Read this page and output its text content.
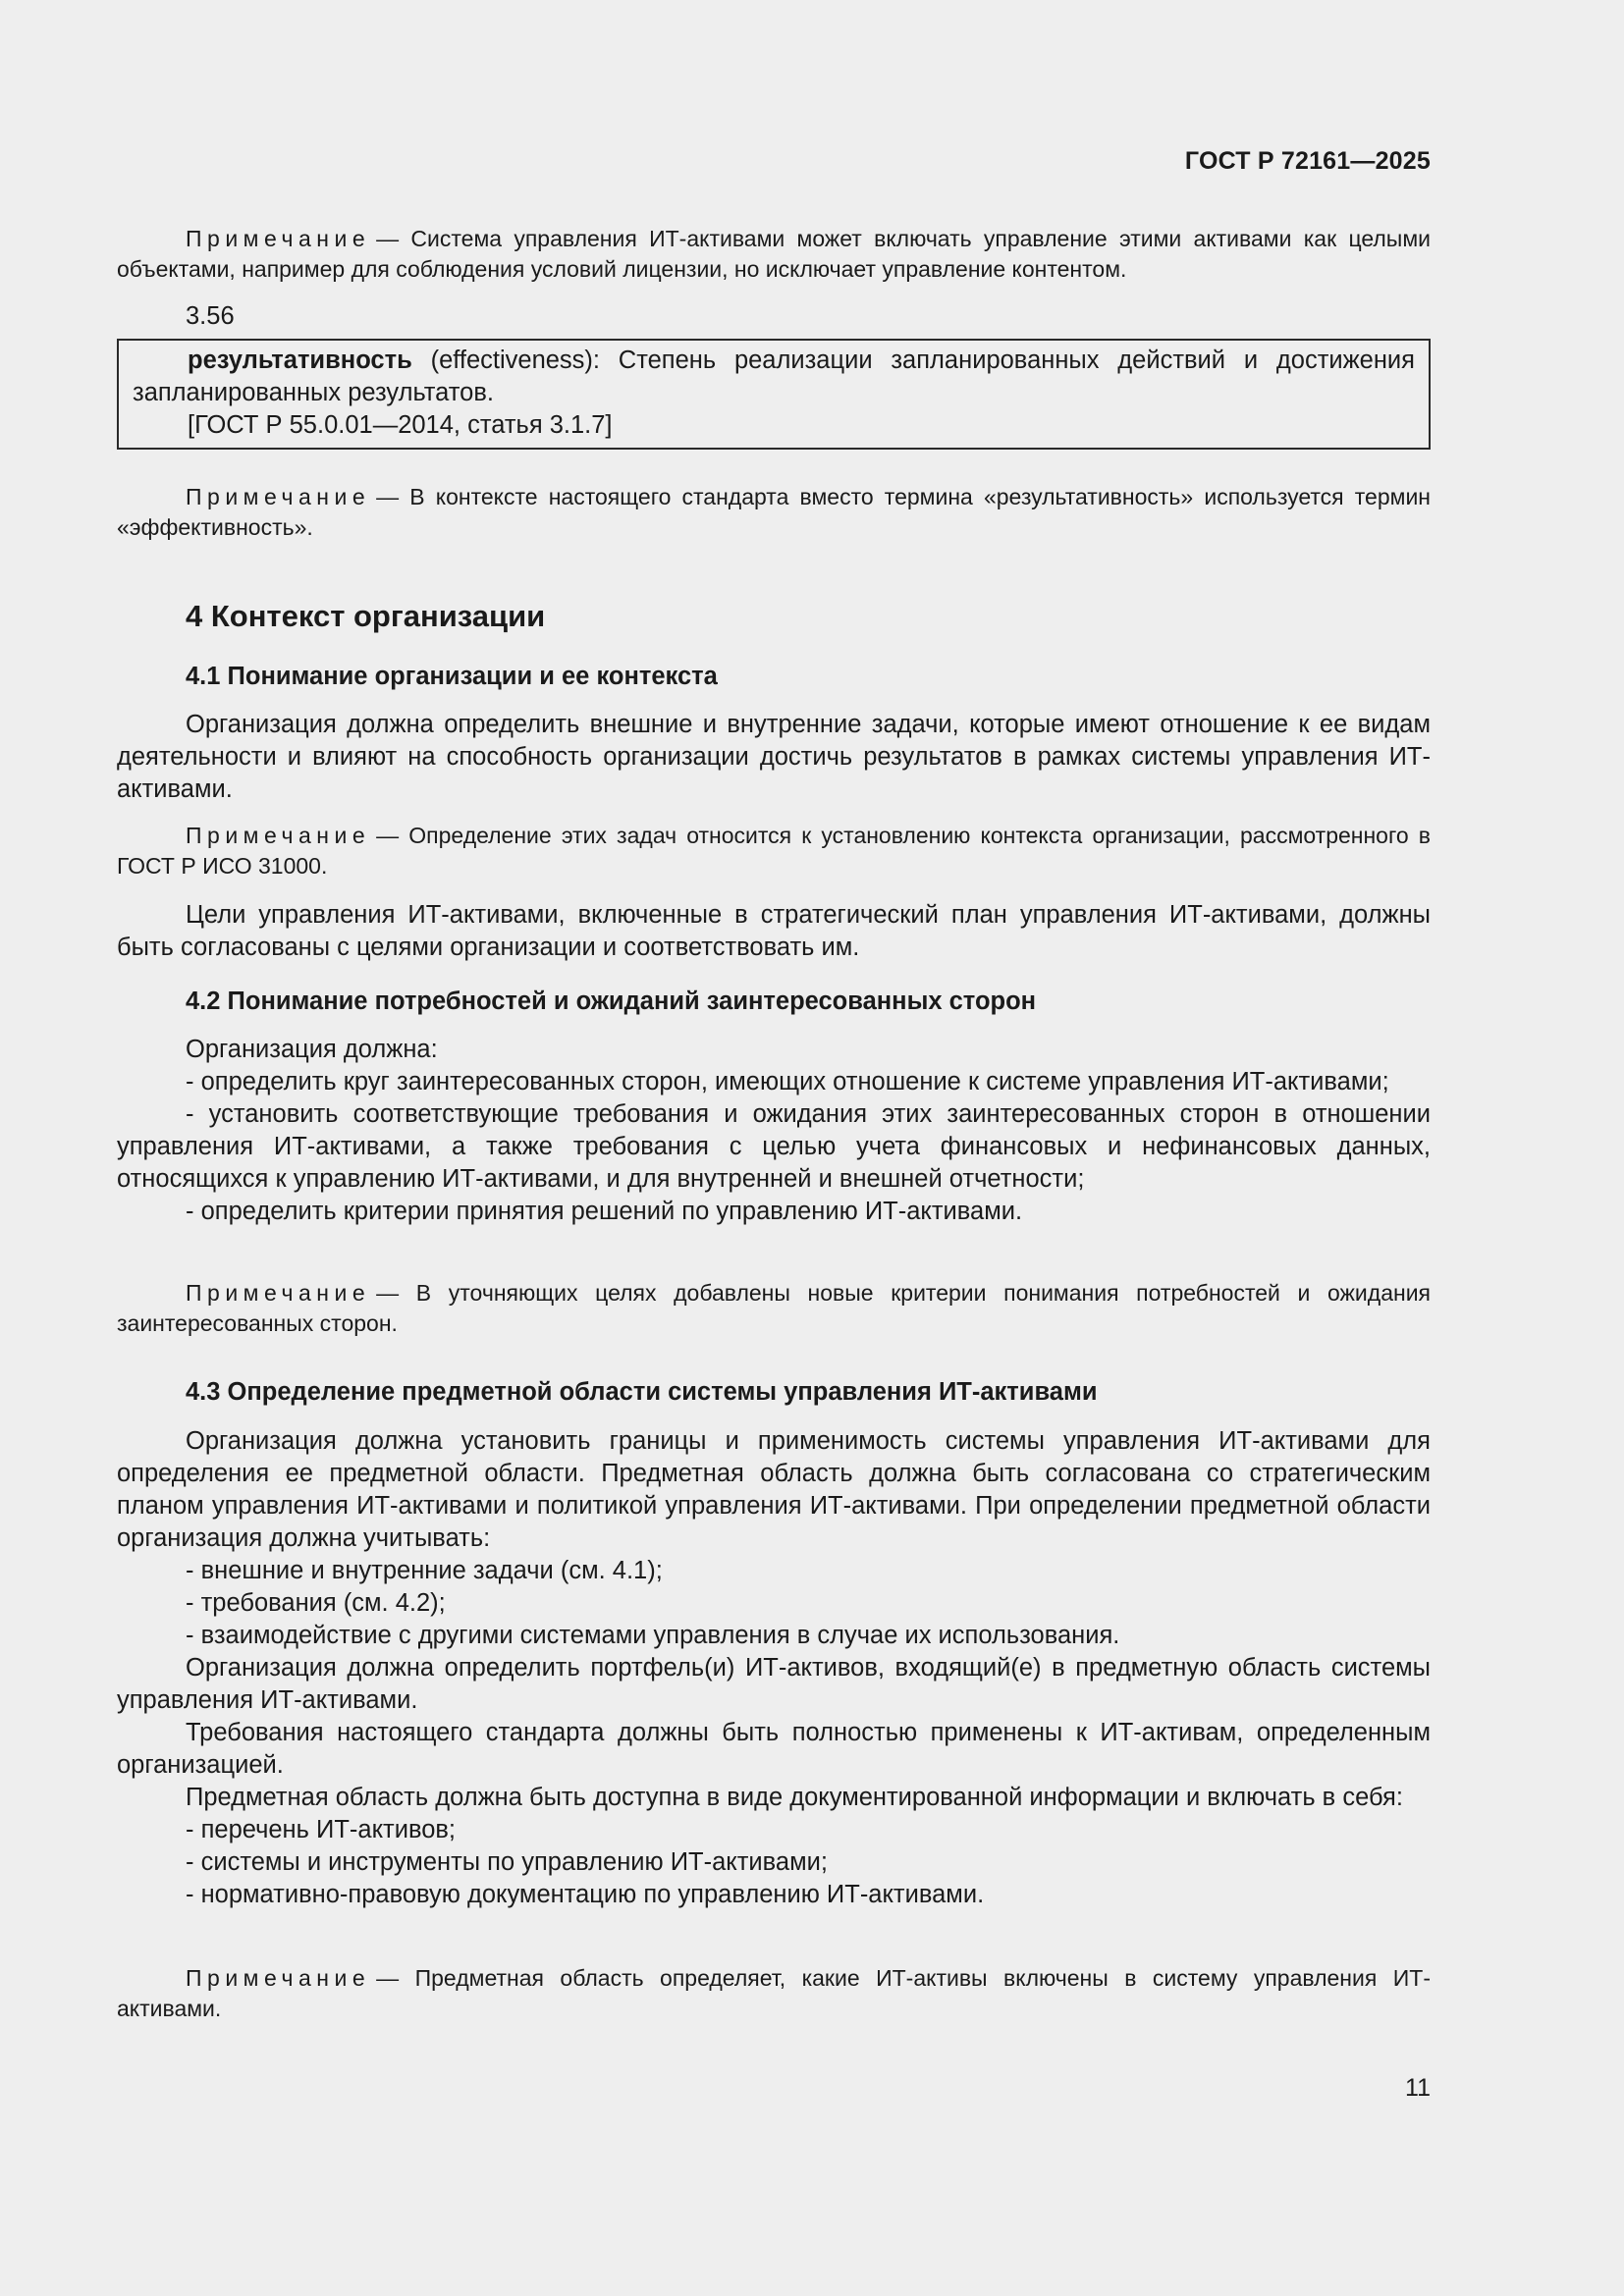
ГОСТ Р 72161—2025

Примечание — Система управления ИТ-активами может включать управление этими активами как целыми объектами, например для соблюдения условий лицензии, но исключает управление контентом.

3.56

результативность (effectiveness): Степень реализации запланированных действий и достижения запланированных результатов.

[ГОСТ Р 55.0.01—2014, статья 3.1.7]

Примечание — В контексте настоящего стандарта вместо термина «результативность» используется термин «эффективность».

4 Контекст организации

4.1 Понимание организации и ее контекста

Организация должна определить внешние и внутренние задачи, которые имеют отношение к ее видам деятельности и влияют на способность организации достичь результатов в рамках системы управления ИТ-активами.

Примечание — Определение этих задач относится к установлению контекста организации, рассмотренного в ГОСТ Р ИСО 31000.

Цели управления ИТ-активами, включенные в стратегический план управления ИТ-активами, должны быть согласованы с целями организации и соответствовать им.

4.2 Понимание потребностей и ожиданий заинтересованных сторон

Организация должна:

- определить круг заинтересованных сторон, имеющих отношение к системе управления ИТ-активами;

- установить соответствующие требования и ожидания этих заинтересованных сторон в отношении управления ИТ-активами, а также требования с целью учета финансовых и нефинансовых данных, относящихся к управлению ИТ-активами, и для внутренней и внешней отчетности;

- определить критерии принятия решений по управлению ИТ-активами.

Примечание — В уточняющих целях добавлены новые критерии понимания потребностей и ожидания заинтересованных сторон.

4.3 Определение предметной области системы управления ИТ-активами

Организация должна установить границы и применимость системы управления ИТ-активами для определения ее предметной области. Предметная область должна быть согласована со стратегическим планом управления ИТ-активами и политикой управления ИТ-активами. При определении предметной области организация должна учитывать:

- внешние и внутренние задачи (см. 4.1);

- требования (см. 4.2);

- взаимодействие с другими системами управления в случае их использования.

Организация должна определить портфель(и) ИТ-активов, входящий(е) в предметную область системы управления ИТ-активами.

Требования настоящего стандарта должны быть полностью применены к ИТ-активам, определенным организацией.

Предметная область должна быть доступна в виде документированной информации и включать в себя:

- перечень ИТ-активов;

- системы и инструменты по управлению ИТ-активами;

- нормативно-правовую документацию по управлению ИТ-активами.

Примечание — Предметная область определяет, какие ИТ-активы включены в систему управления ИТ-активами.

11
